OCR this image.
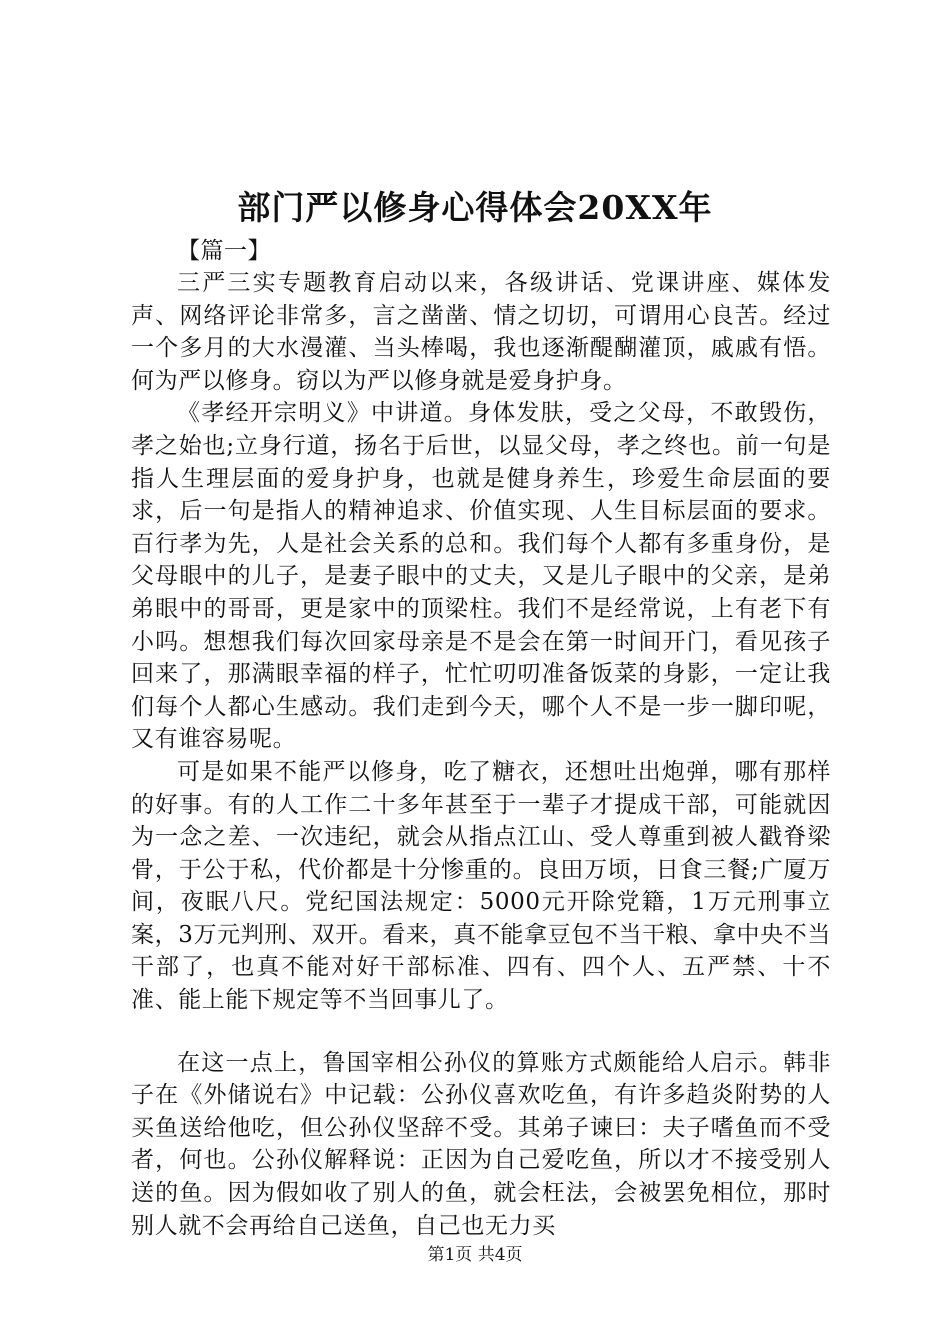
部门严以修身心得体会20XX年
【篇一】

三严三实专题教育启动以来，各级讲话、党课讲座、媒体发声、网络评论非常多，言之凿凿、情之切切，可谓用心良苦。经过一个多月的大水漫灌、当头棒喝，我也逐渐醍醐灌顶，戚戚有悟。何为严以修身。窃以为严以修身就是爱身护身。

《孝经开宗明义》中讲道。身体发肤，受之父母，不敢毁伤，孝之始也;立身行道，扬名于后世，以显父母，孝之终也。前一句是指人生理层面的爱身护身，也就是健身养生，珍爱生命层面的要求，后一句是指人的精神追求、价值实现、人生目标层面的要求。百行孝为先，人是社会关系的总和。我们每个人都有多重身份，是父母眼中的儿子，是妻子眼中的丈夫，又是儿子眼中的父亲，是弟弟眼中的哥哥，更是家中的顶梁柱。我们不是经常说，上有老下有小吗。想想我们每次回家母亲是不是会在第一时间开门，看见孩子回来了，那满眼幸福的样子，忙忙叨叨准备饭菜的身影，一定让我们每个人都心生感动。我们走到今天，哪个人不是一步一脚印呢，又有谁容易呢。

可是如果不能严以修身，吃了糖衣，还想吐出炮弹，哪有那样的好事。有的人工作二十多年甚至于一辈子才提成干部，可能就因为一念之差、一次违纪，就会从指点江山、受人尊重到被人戳脊梁骨，于公于私，代价都是十分惨重的。良田万顷，日食三餐;广厦万间，夜眠八尺。党纪国法规定：5000元开除党籍，1万元刑事立案，3万元判刑、双开。看来，真不能拿豆包不当干粮、拿中央不当干部了，也真不能对好干部标准、四有、四个人、五严禁、十不准、能上能下规定等不当回事儿了。

在这一点上，鲁国宰相公孙仪的算账方式颇能给人启示。韩非子在《外储说右》中记载：公孙仪喜欢吃鱼，有许多趋炎附势的人买鱼送给他吃，但公孙仪坚辞不受。其弟子谏曰：夫子嗜鱼而不受者，何也。公孙仪解释说：正因为自己爱吃鱼，所以才不接受别人送的鱼。因为假如收了别人的鱼，就会枉法，会被罢免相位，那时别人就不会再给自己送鱼，自己也无力买

第1页 共4页
